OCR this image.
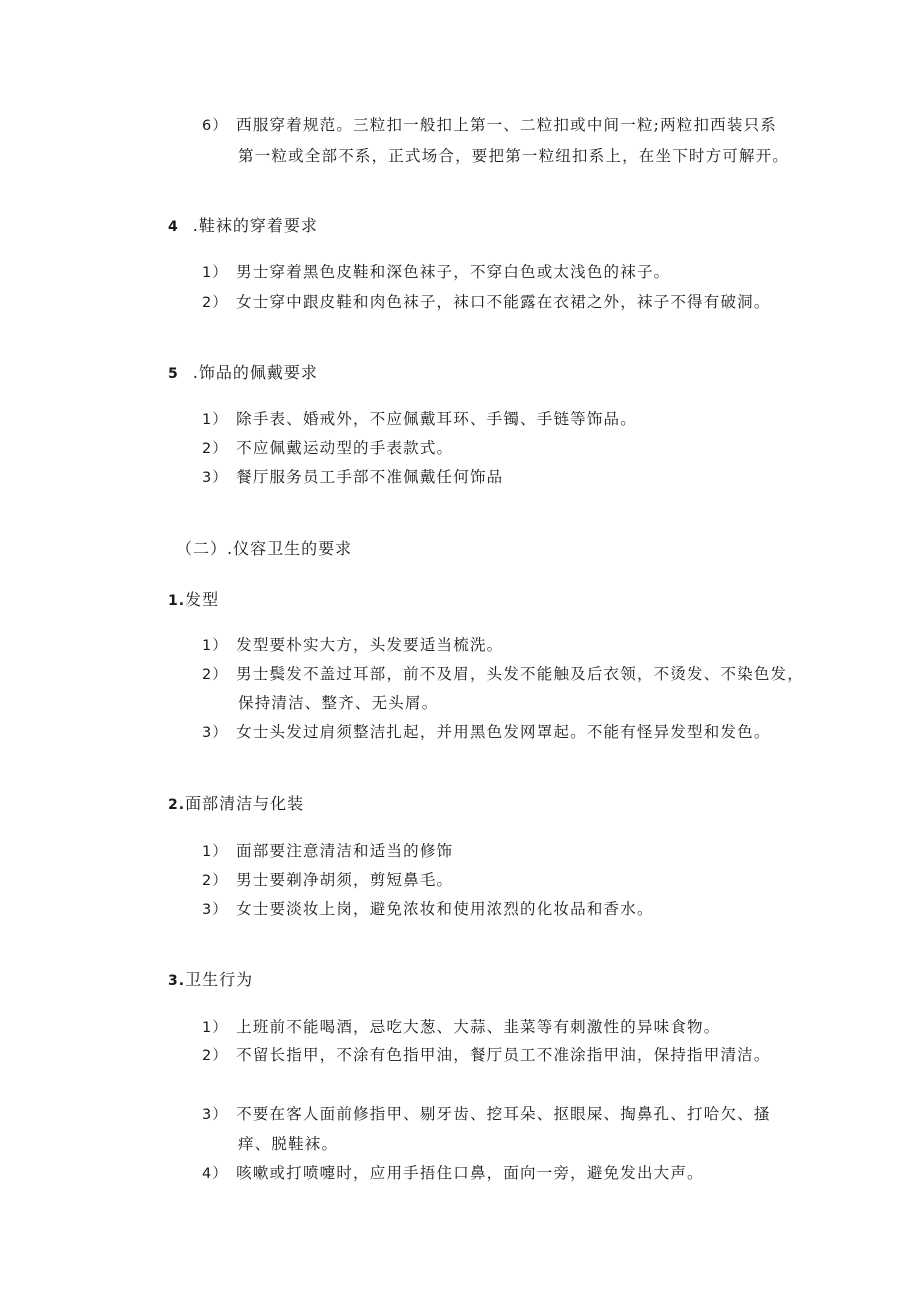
6） 西服穿着规范。三粒扣一般扣上第一、二粒扣或中间一粒;两粒扣西装只系
第一粒或全部不系，正式场合，要把第一粒纽扣系上，在坐下时方可解开。
4 .鞋袜的穿着要求
1） 男士穿着黑色皮鞋和深色袜子，不穿白色或太浅色的袜子。
2） 女士穿中跟皮鞋和肉色袜子，袜口不能露在衣裙之外，袜子不得有破洞。
5 .饰品的佩戴要求
1） 除手表、婚戒外，不应佩戴耳环、手镯、手链等饰品。
2） 不应佩戴运动型的手表款式。
3） 餐厅服务员工手部不准佩戴任何饰品
（二）.仪容卫生的要求
1.发型
1） 发型要朴实大方，头发要适当梳洗。
2） 男士鬓发不盖过耳部，前不及眉，头发不能触及后衣领，不烫发、不染色发，
保持清洁、整齐、无头屑。
3） 女士头发过肩须整洁扎起，并用黑色发网罩起。不能有怪异发型和发色。
2.面部清洁与化装
1） 面部要注意清洁和适当的修饰
2） 男士要剃净胡须，剪短鼻毛。
3） 女士要淡妆上岗，避免浓妆和使用浓烈的化妆品和香水。
3.卫生行为
1） 上班前不能喝酒，忌吃大葱、大蒜、韭菜等有刺激性的异味食物。
2） 不留长指甲，不涂有色指甲油，餐厅员工不准涂指甲油，保持指甲清洁。
3） 不要在客人面前修指甲、剔牙齿、挖耳朵、抠眼屎、掏鼻孔、打哈欠、搔
痒、脱鞋袜。
4） 咳嗽或打喷嚏时，应用手捂住口鼻，面向一旁，避免发出大声。
